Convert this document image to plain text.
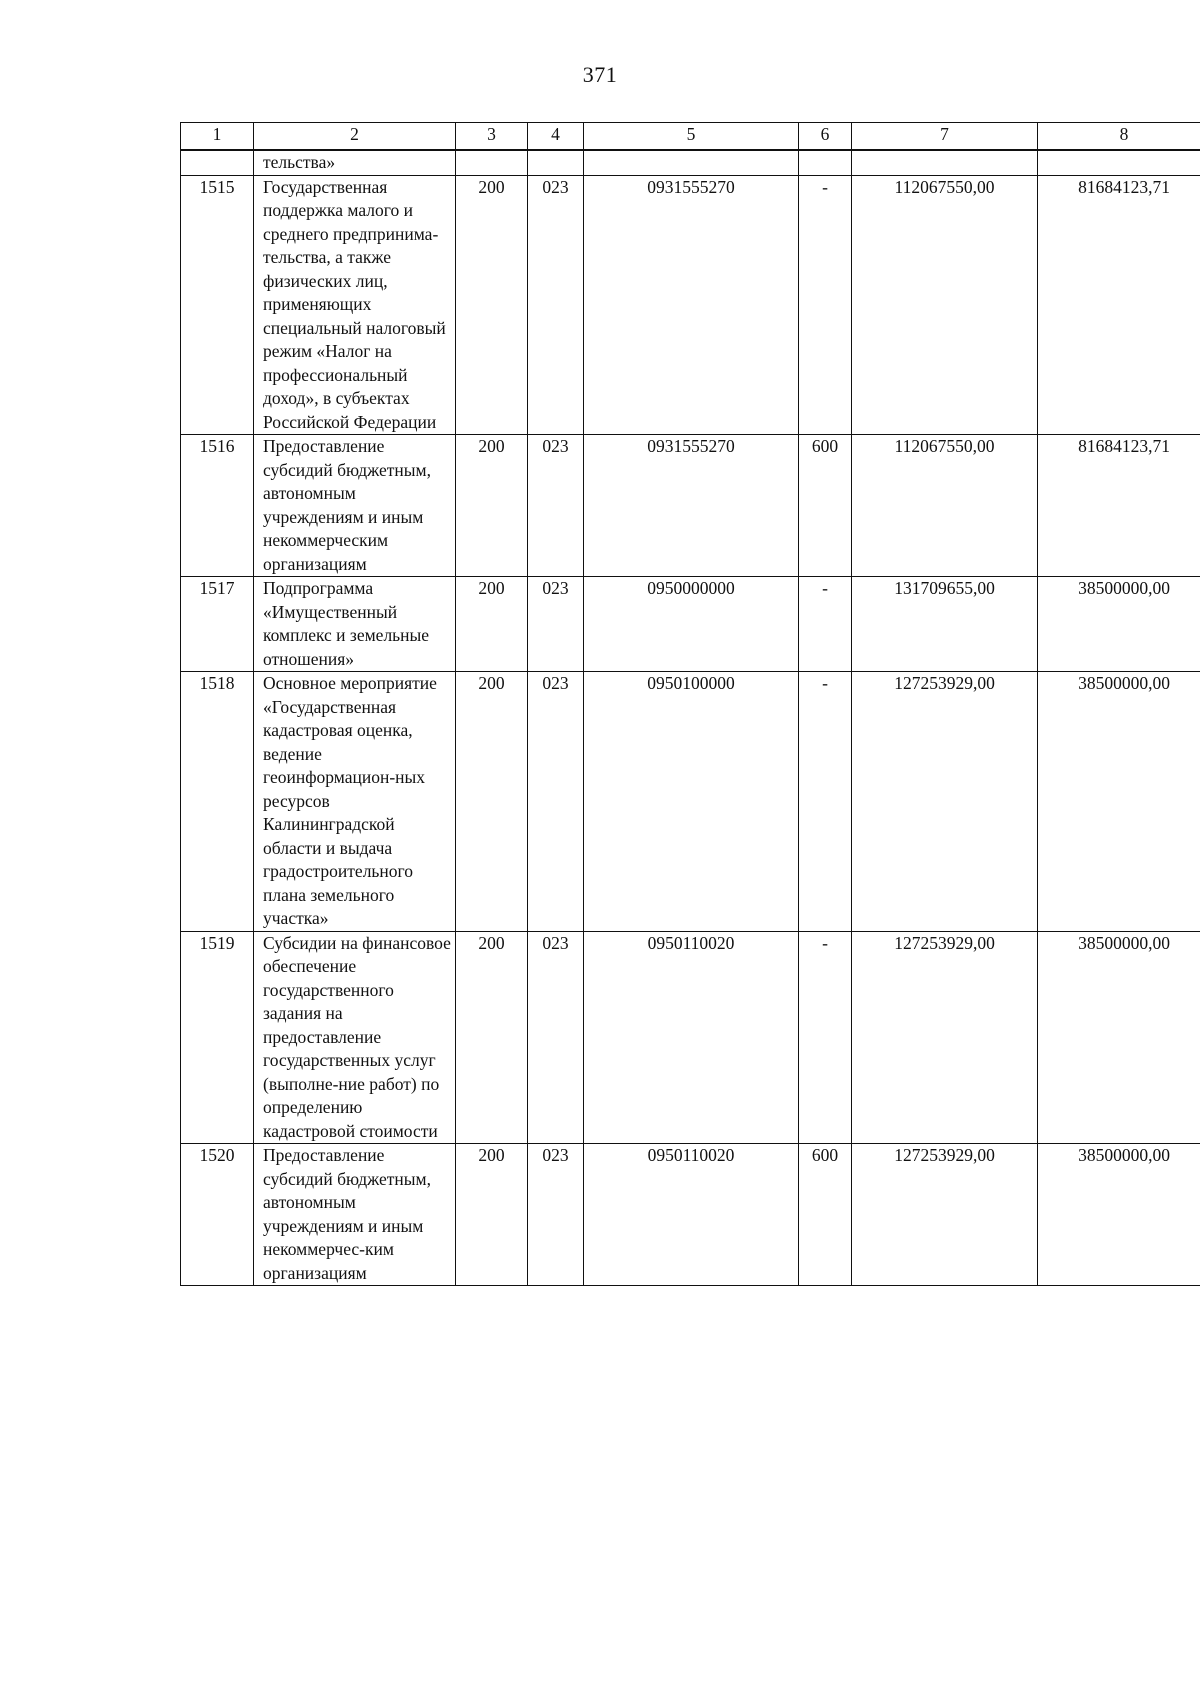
371
1	2	3	4	5	6	7	8
	тельства»						
1515	Государственная поддержка малого и среднего предпринима-тельства, а также физических лиц, применяющих специальный налоговый режим «Налог на профессиональный доход», в субъектах Российской Федерации	200	023	0931555270	-	112067550,00	81684123,71
1516	Предоставление субсидий бюджетным, автономным учреждениям и иным некоммерческим организациям	200	023	0931555270	600	112067550,00	81684123,71
1517	Подпрограмма «Имущественный комплекс и земельные отношения»	200	023	0950000000	-	131709655,00	38500000,00
1518	Основное мероприятие «Государственная кадастровая оценка, ведение геоинформацион-ных ресурсов Калининградской области и выдача градостроительного плана земельного участка»	200	023	0950100000	-	127253929,00	38500000,00
1519	Субсидии на финансовое обеспечение государственного задания на предоставление государственных услуг (выполне-ние работ) по определению кадастровой стоимости	200	023	0950110020	-	127253929,00	38500000,00
1520	Предоставление субсидий бюджетным, автономным учреждениям и иным некоммерчес-ким организациям	200	023	0950110020	600	127253929,00	38500000,00
